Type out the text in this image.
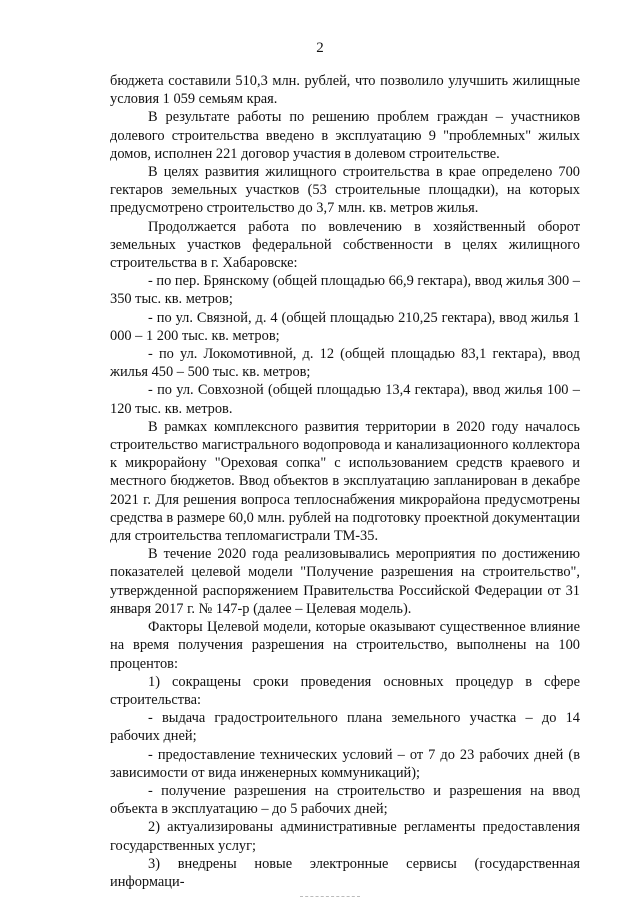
2

бюджета составили 510,3 млн. рублей, что позволило улучшить жилищные условия 1 059 семьям края.

В результате работы по решению проблем граждан – участников долевого строительства введено в эксплуатацию 9 "проблемных" жилых домов, исполнен 221 договор участия в долевом строительстве.

В целях развития жилищного строительства в крае определено 700 гектаров земельных участков (53 строительные площадки), на которых предусмотрено строительство до 3,7 млн. кв. метров жилья.

Продолжается работа по вовлечению в хозяйственный оборот земельных участков федеральной собственности в целях жилищного строительства в г. Хабаровске:

- по пер. Брянскому (общей площадью 66,9 гектара), ввод жилья 300 – 350 тыс. кв. метров;

- по ул. Связной, д. 4 (общей площадью 210,25 гектара), ввод жилья 1 000 – 1 200 тыс. кв. метров;

- по ул. Локомотивной, д. 12 (общей площадью 83,1 гектара), ввод жилья 450 – 500 тыс. кв. метров;

- по ул. Совхозной (общей площадью 13,4 гектара), ввод жилья 100 – 120 тыс. кв. метров.

В рамках комплексного развития территории в 2020 году началось строительство магистрального водопровода и канализационного коллектора к микрорайону "Ореховая сопка" с использованием средств краевого и местного бюджетов. Ввод объектов в эксплуатацию запланирован в декабре 2021 г. Для решения вопроса теплоснабжения микрорайона предусмотрены средства в размере 60,0 млн. рублей на подготовку проектной документации для строительства тепломагистрали ТМ-35.

В течение 2020 года реализовывались мероприятия по достижению показателей целевой модели "Получение разрешения на строительство", утвержденной распоряжением Правительства Российской Федерации от 31 января 2017 г. № 147-р (далее – Целевая модель).

Факторы Целевой модели, которые оказывают существенное влияние на время получения разрешения на строительство, выполнены на 100 процентов:

1) сокращены сроки проведения основных процедур в сфере строительства:

- выдача градостроительного плана земельного участка – до 14 рабочих дней;

- предоставление технических условий – от 7 до 23 рабочих дней (в зависимости от вида инженерных коммуникаций);

- получение разрешения на строительство и разрешения на ввод объекта в эксплуатацию – до 5 рабочих дней;

2) актуализированы административные регламенты предоставления государственных услуг;

3) внедрены новые электронные сервисы (государственная информаци-
